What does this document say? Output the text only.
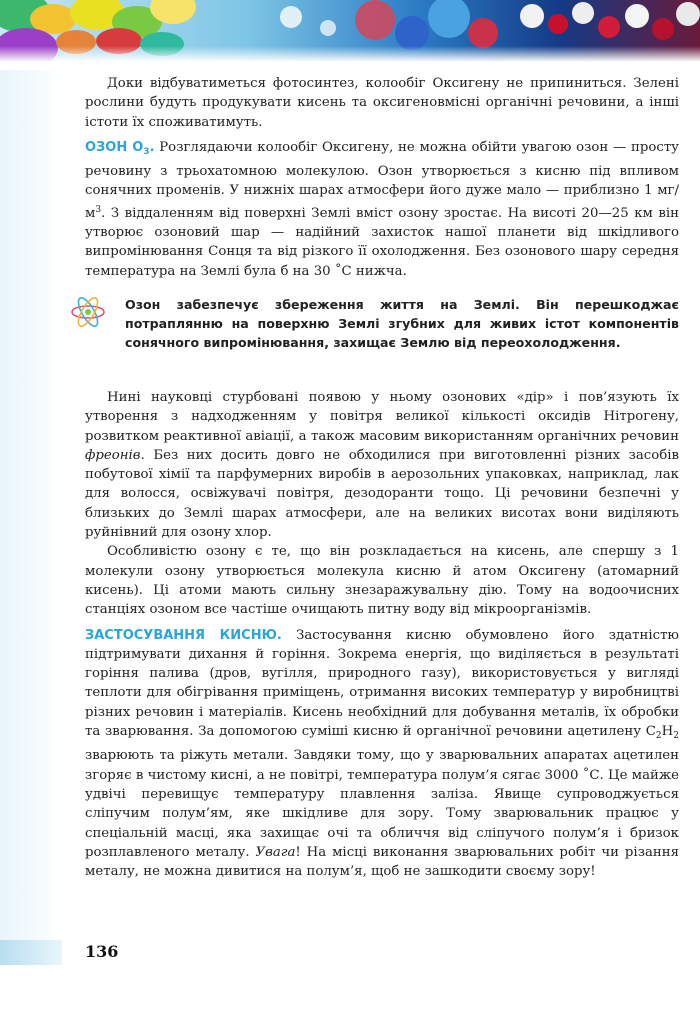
Доки відбуватиметься фотосинтез, колообіг Оксигену не припиниться. Зелені рослини будуть продукувати кисень та оксигеновмісні органічні речовини, а інші істоти їх споживатимуть.

ОЗОН $O_3$. Розглядаючи колообіг Оксигену, не можна обійти увагою озон — просту речовину з трьохатомною молекулою. Озон утворюється з кисню під впливом сонячних променів. У нижніх шарах атмосфери його дуже мало — приблизно 1 $мг/м^3$. З віддаленням від поверхні Землі вміст озону зростає. На висоті 20—25 км він утворює озоновий шар — надійний захисток нашої планети від шкідливого випромінювання Сонця та від різкого її охолодження. Без озонового шару середня температура на Землі була б на 30 ˚С нижча.

Озон забезпечує збереження життя на Землі. Він перешкоджає потраплянню на поверхню Землі згубних для живих істот компонентів сонячного випромінювання, захищає Землю від переохолодження.

Нині науковці стурбовані появою у ньому озонових «дір» і пов’язують їх утворення з надходженням у повітря великої кількості оксидів Нітрогену, розвитком реактивної авіації, а також масовим використанням органічних речовин фреонів. Без них досить довго не обходилися при виготовленні різних засобів побутової хімії та парфумерних виробів в аерозольних упаковках, наприклад, лак для волосся, освіжувачі повітря, дезодоранти тощо. Ці речовини безпечні у близьких до Землі шарах атмосфери, але на великих висотах вони виділяють руйнівний для озону хлор.

Особливістю озону є те, що він розкладається на кисень, але спершу з 1 молекули озону утворюється молекула кисню й атом Оксигену (атомарний кисень). Ці атоми мають сильну знезаражувальну дію. Тому на водоочисних станціях озоном все частіше очищають питну воду від мікроорганізмів.

ЗАСТОСУВАННЯ КИСНЮ. Застосування кисню обумовлено його здатністю підтримувати дихання й горіння. Зокрема енергія, що виділяється в результаті горіння палива (дров, вугілля, природного газу), використовується у вигляді теплоти для обігрівання приміщень, отримання високих температур у виробництві різних речовин і матеріалів. Кисень необхідний для добування металів, їх обробки та зварювання. За допомогою суміші кисню й органічної речовини ацетилену $C_2H_2$ зварюють та ріжуть метали. Завдяки тому, що у зварювальних апаратах ацетилен згоряє в чистому кисні, а не повітрі, температура полум’я сягає 3000 ˚С. Це майже удвічі перевищує температуру плавлення заліза. Явище супроводжується сліпучим полум’ям, яке шкідливе для зору. Тому зварювальник працює у спеціальній масці, яка захищає очі та обличчя від сліпучого полум’я і бризок розплавленого металу. Увага! На місці виконання зварювальних робіт чи різання металу, не можна дивитися на полум’я, щоб не зашкодити своєму зору!

136
